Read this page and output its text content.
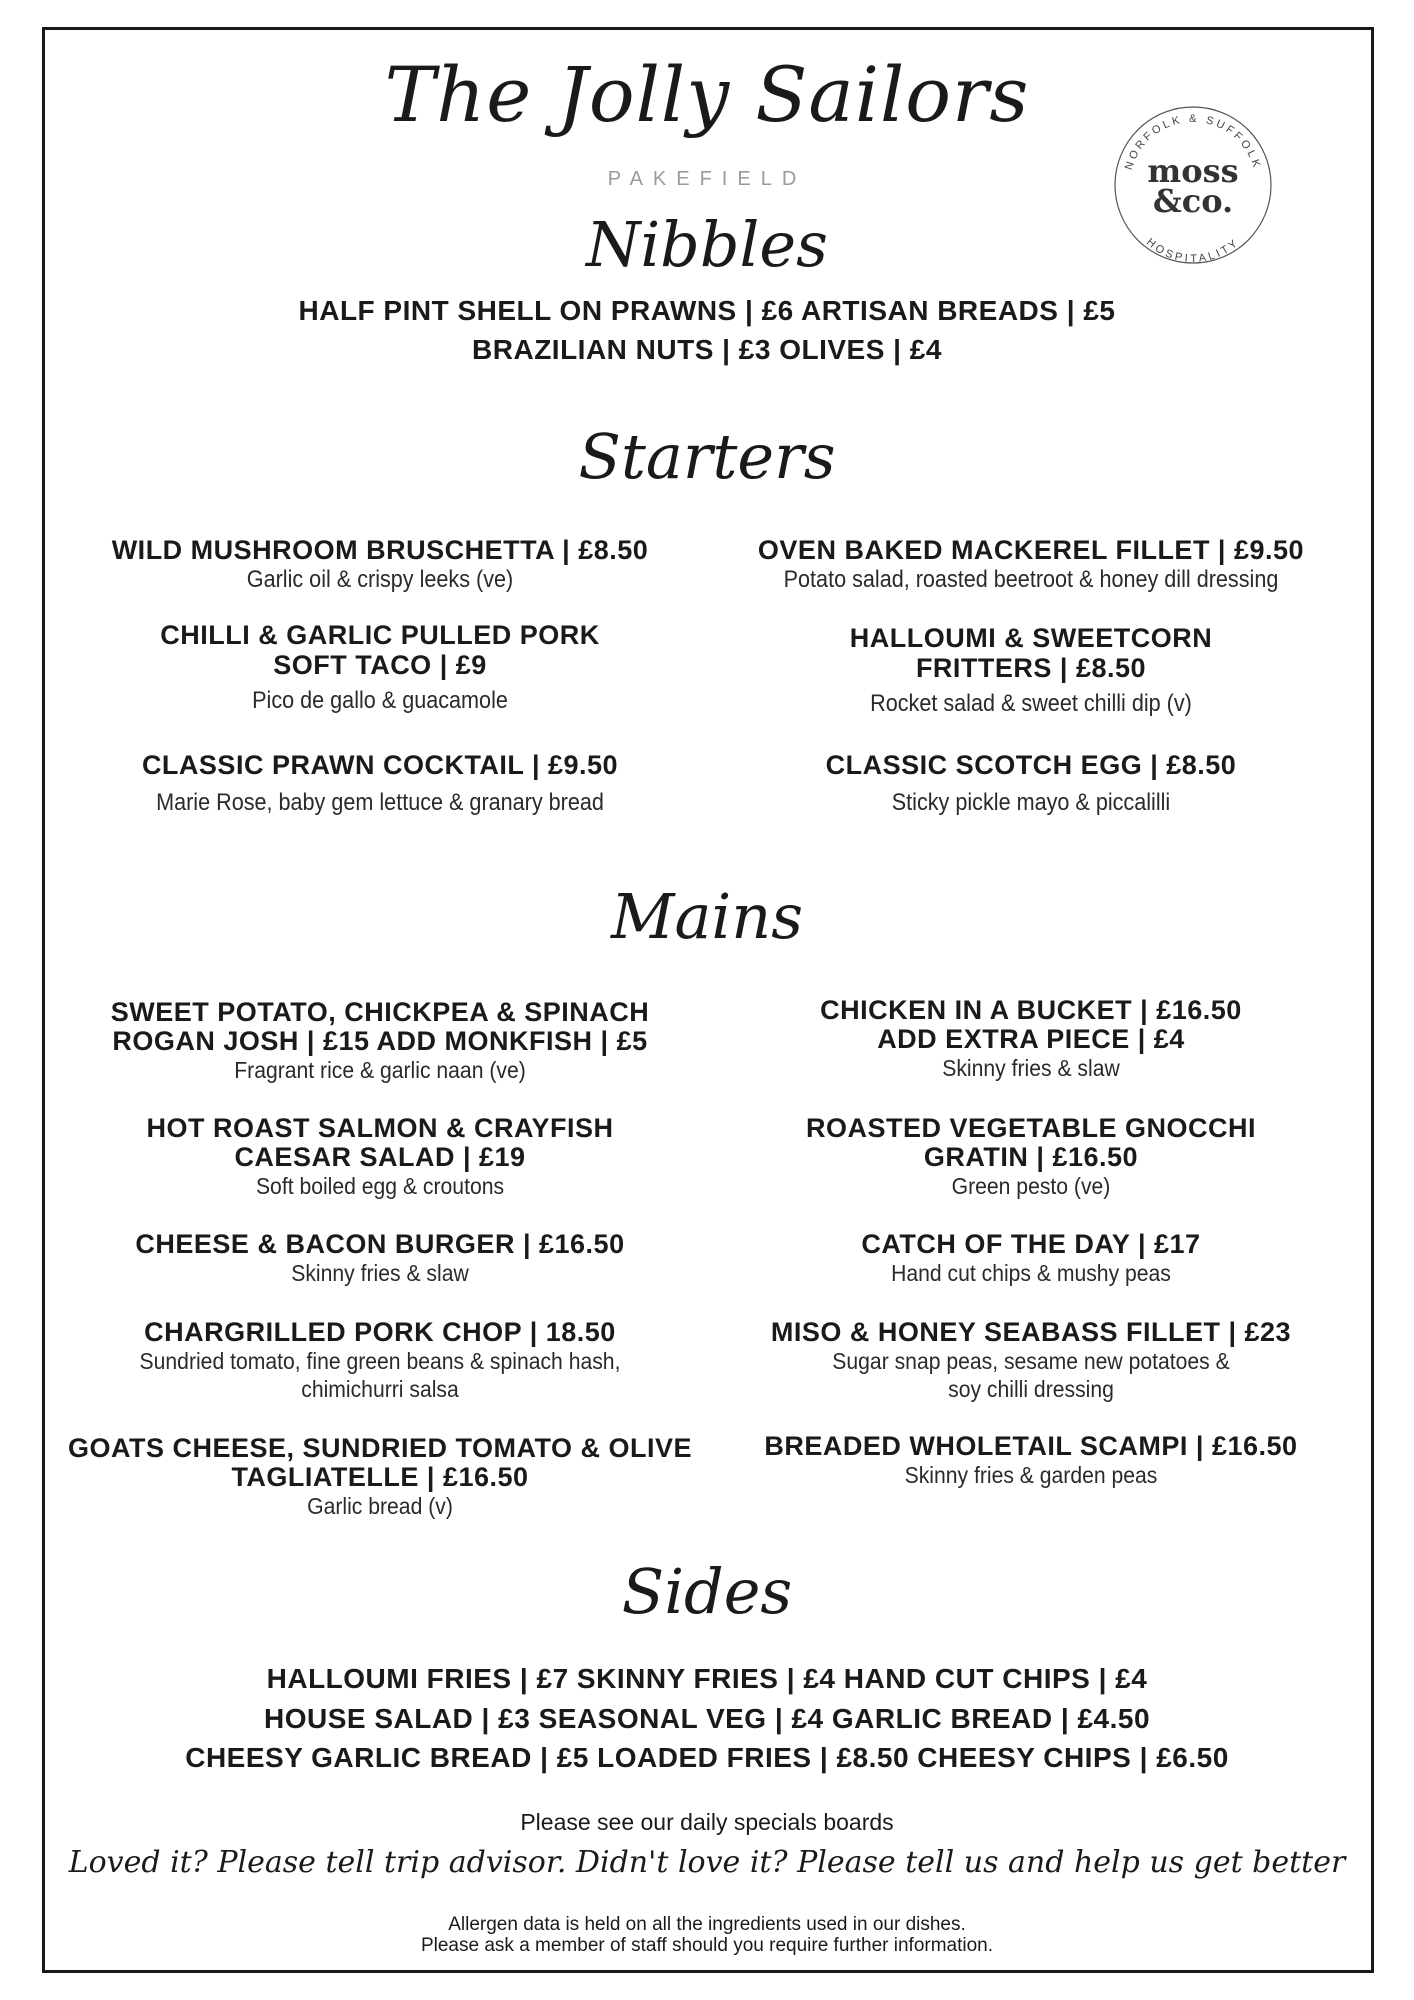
The Jolly Sailors
PAKEFIELD
NORFOLK & SUFFOLK
HOSPITALITY
moss
&co.
Nibbles
HALF PINT SHELL ON PRAWNS | £6 ARTISAN BREADS | £5
BRAZILIAN NUTS | £3 OLIVES | £4
Starters
WILD MUSHROOM BRUSCHETTA | £8.50
Garlic oil & crispy leeks (ve)
CHILLI & GARLIC PULLED PORK
SOFT TACO | £9
Pico de gallo & guacamole
CLASSIC PRAWN COCKTAIL | £9.50
Marie Rose, baby gem lettuce & granary bread
OVEN BAKED MACKEREL FILLET | £9.50
Potato salad, roasted beetroot & honey dill dressing
HALLOUMI & SWEETCORN
FRITTERS | £8.50
Rocket salad & sweet chilli dip (v)
CLASSIC SCOTCH EGG | £8.50
Sticky pickle mayo & piccalilli
Mains
SWEET POTATO, CHICKPEA & SPINACH
ROGAN JOSH | £15 ADD MONKFISH | £5
Fragrant rice & garlic naan (ve)
HOT ROAST SALMON & CRAYFISH
CAESAR SALAD | £19
Soft boiled egg & croutons
CHEESE & BACON BURGER | £16.50
Skinny fries & slaw
CHARGRILLED PORK CHOP | 18.50
Sundried tomato, fine green beans & spinach hash,
chimichurri salsa
GOATS CHEESE, SUNDRIED TOMATO & OLIVE
TAGLIATELLE | £16.50
Garlic bread (v)
CHICKEN IN A BUCKET | £16.50
ADD EXTRA PIECE | £4
Skinny fries & slaw
ROASTED VEGETABLE GNOCCHI
GRATIN | £16.50
Green pesto (ve)
CATCH OF THE DAY | £17
Hand cut chips & mushy peas
MISO & HONEY SEABASS FILLET | £23
Sugar snap peas, sesame new potatoes &
soy chilli dressing
BREADED WHOLETAIL SCAMPI | £16.50
Skinny fries & garden peas
Sides
HALLOUMI FRIES | £7 SKINNY FRIES | £4 HAND CUT CHIPS | £4
HOUSE SALAD | £3 SEASONAL VEG | £4 GARLIC BREAD | £4.50
CHEESY GARLIC BREAD | £5 LOADED FRIES | £8.50 CHEESY CHIPS | £6.50
Please see our daily specials boards
Loved it? Please tell trip advisor. Didn't love it? Please tell us and help us get better
Allergen data is held on all the ingredients used in our dishes.
Please ask a member of staff should you require further information.
